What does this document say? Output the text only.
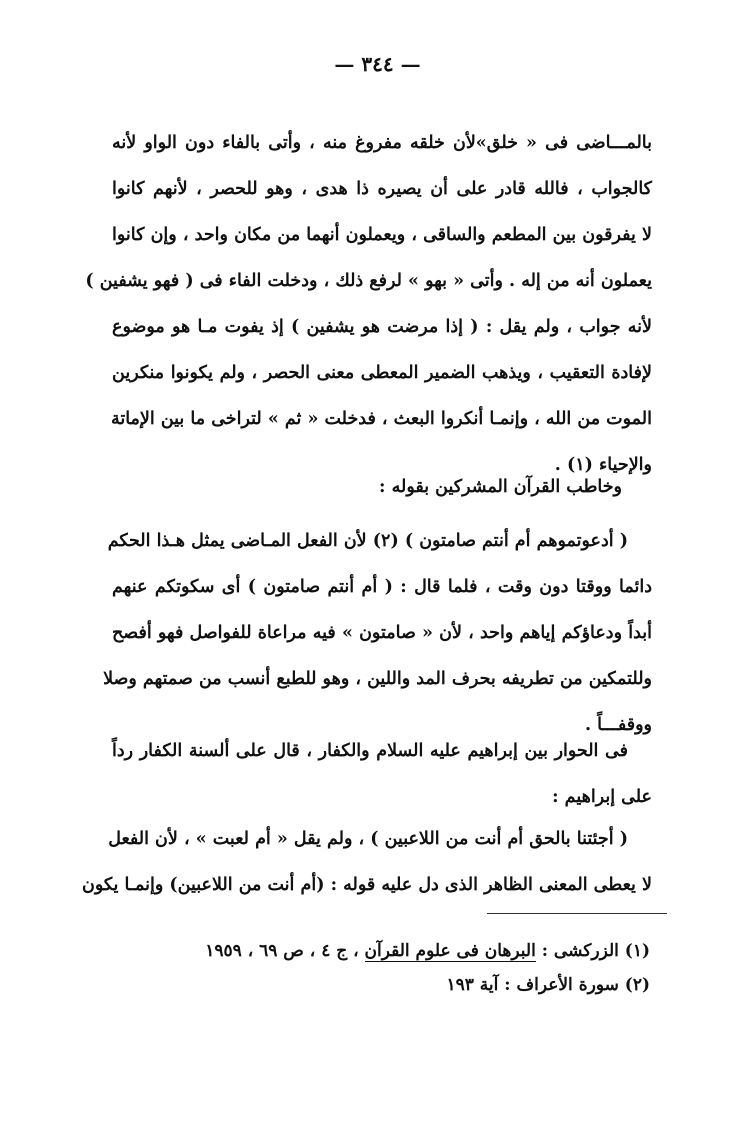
— ٣٤٤ —
بالمـــاضى فى « خلق»لأن خلقه مفروغ منه ، وأتى بالفاء دون الواو لأنه
كالجواب ، فالله قادر على أن يصيره ذا هدى ، وهو للحصر ، لأنهم كانوا
لا يفرقون بين المطعم والساقى ، ويعملون أنهما من مكان واحد ، وإن كانوا
يعملون أنه من إله . وأتى « بهو » لرفع ذلك ، ودخلت الفاء فى ( فهو يشفين )
لأنه جواب ، ولم يقل : ( إذا مرضت هو يشفين ) إذ يفوت مـا هو موضوع
لإفادة التعقيب ، ويذهب الضمير المعطى معنى الحصر ، ولم يكونوا منكرين
الموت من الله ، وإنمـا أنكروا البعث ، فدخلت « ثم » لتراخى ما بين الإماتة
والإحياء (١) .
وخاطب القرآن المشركين بقوله :
( أدعوتموهم أم أنتم صامتون ) (٢) لأن الفعل المـاضى يمثل هـذا الحكم
دائما ووقتا دون وقت ، فلما قال : ( أم أنتم صامتون ) أى سكوتكم عنهم
أبداً ودعاؤكم إياهم واحد ، لأن « صامتون » فيه مراعاة للفواصل فهو أفصح
وللتمكين من تطريفه بحرف المد واللين ، وهو للطبع أنسب من صمتهم وصلا
ووقفـــاً .
فى الحوار بين إبراهيم عليه السلام والكفار ، قال على ألسنة الكفار رداً
على إبراهيم :
( أجئتنا بالحق أم أنت من اللاعبين ) ، ولم يقل « أم لعبت » ، لأن الفعل
لا يعطى المعنى الظاهر الذى دل عليه قوله : (أم أنت من اللاعبين) وإنمـا يكون
(١) الزركشى : البرهان فى علوم القرآن ، ج ٤ ، ص ٦٩ ، ١٩٥٩
(٢) سورة الأعراف : آية ١٩٣
